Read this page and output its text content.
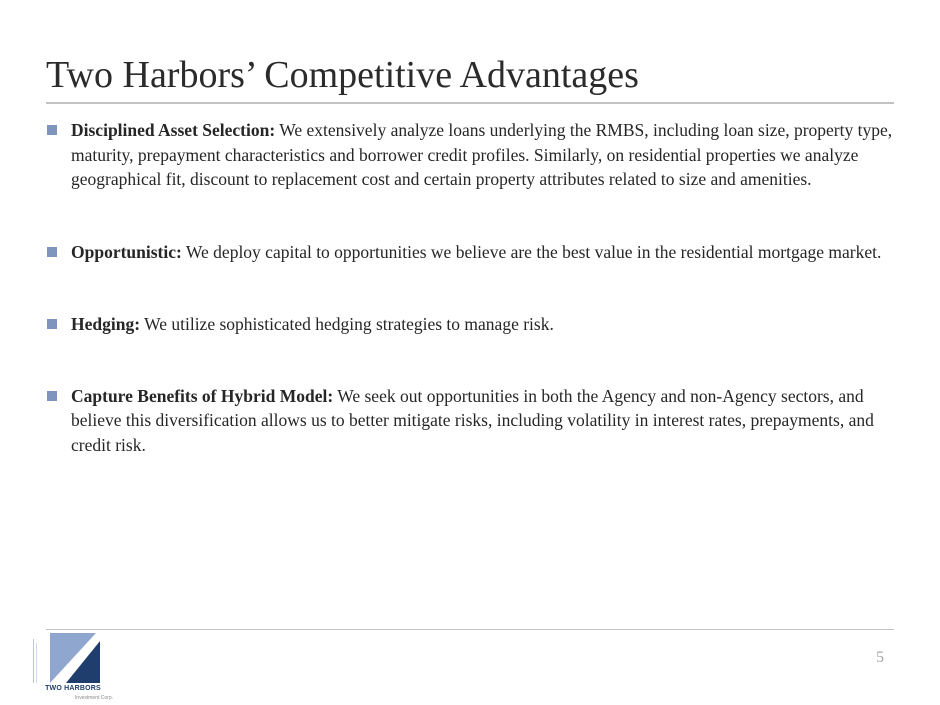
Two Harbors’ Competitive Advantages
Disciplined Asset Selection: We extensively analyze loans underlying the RMBS, including loan size, property type, maturity, prepayment characteristics and borrower credit profiles. Similarly, on residential properties we analyze geographical fit, discount to replacement cost and certain property attributes related to size and amenities.
Opportunistic: We deploy capital to opportunities we believe are the best value in the residential mortgage market.
Hedging: We utilize sophisticated hedging strategies to manage risk.
Capture Benefits of Hybrid Model: We seek out opportunities in both the Agency and non-Agency sectors, and believe this diversification allows us to better mitigate risks, including volatility in interest rates, prepayments, and credit risk.
5
TWO HARBORS
Investment Corp.
